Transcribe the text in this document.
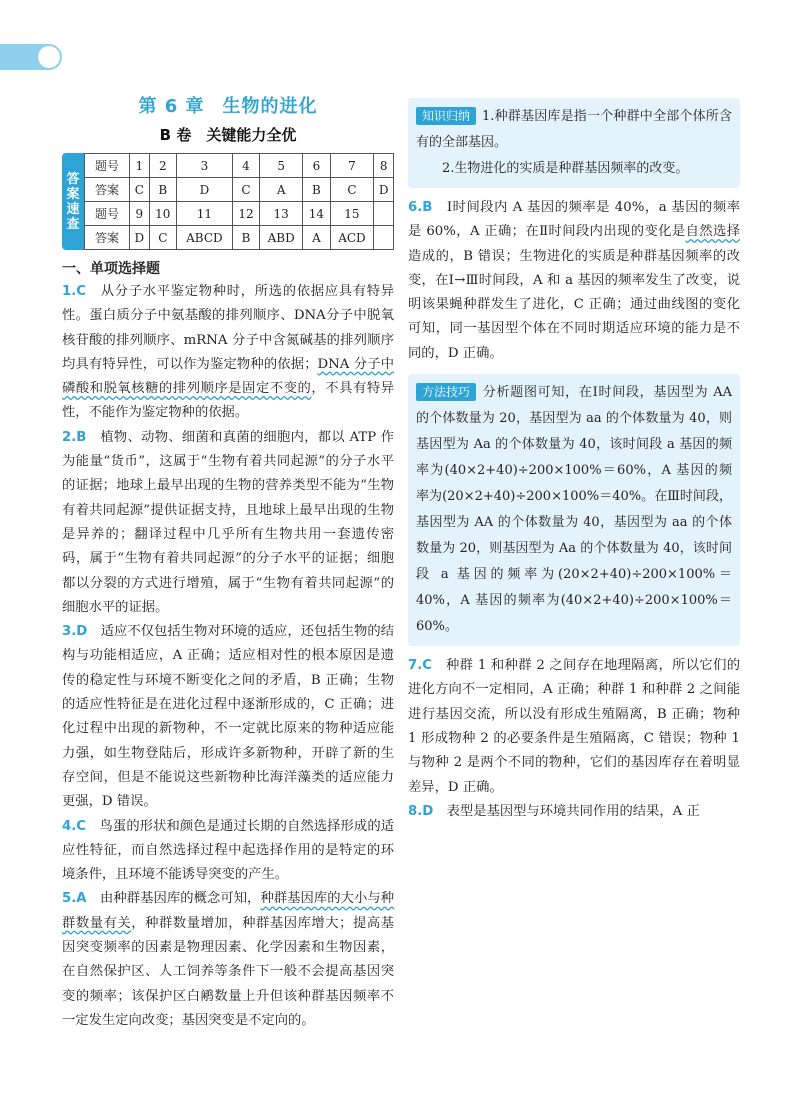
第 6 章 生物的进化
B 卷　关键能力全优
答
案
速
查
题号	1	2	3	4	5	6	7	8
答案	C	B	D	C	A	B	C	D
题号	9	10	11	12	13	14	15	
答案	D	C	ABCD	B	ABD	A	ACD	
一、单项选择题

1.C　 从分子水平鉴定物种时，所选的依据应具有特异性。蛋白质分子中氨基酸的排列顺序、DNA分子中脱氧核苷酸的排列顺序、mRNA 分子中含氮碱基的排列顺序均具有特异性，可以作为鉴定物种的依据；DNA 分子中磷酸和脱氧核糖的排列顺序是固定不变的，不具有特异性，不能作为鉴定物种的依据。

2.B　 植物、动物、细菌和真菌的细胞内，都以 ATP 作为能量“货币”，这属于“生物有着共同起源”的分子水平的证据；地球上最早出现的生物的营养类型不能为“生物有着共同起源”提供证据支持，且地球上最早出现的生物是异养的；翻译过程中几乎所有生物共用一套遗传密码，属于“生物有着共同起源”的分子水平的证据；细胞都以分裂的方式进行增殖，属于“生物有着共同起源”的细胞水平的证据。

3.D　 适应不仅包括生物对环境的适应，还包括生物的结构与功能相适应，A 正确；适应相对性的根本原因是遗传的稳定性与环境不断变化之间的矛盾，B 正确；生物的适应性特征是在进化过程中逐渐形成的，C 正确；进化过程中出现的新物种，不一定就比原来的物种适应能力强，如生物登陆后，形成许多新物种，开辟了新的生存空间，但是不能说这些新物种比海洋藻类的适应能力更强，D 错误。

4.C　 鸟蛋的形状和颜色是通过长期的自然选择形成的适应性特征，而自然选择过程中起选择作用的是特定的环境条件，且环境不能诱导突变的产生。

5.A　 由种群基因库的概念可知，种群基因库的大小与种群数量有关，种群数量增加，种群基因库增大；提高基因突变频率的因素是物理因素、化学因素和生物因素，在自然保护区、人工饲养等条件下一般不会提高基因突变的频率；该保护区白鹇数量上升但该种群基因频率不一定发生定向改变；基因突变是不定向的。

知识归纳 1.种群基因库是指一个种群中全部个体所含有的全部基因。

2.生物进化的实质是种群基因频率的改变。

6.B　 Ⅰ时间段内 A 基因的频率是 40%，a 基因的频率是 60%，A 正确；在Ⅱ时间段内出现的变化是自然选择造成的，B 错误；生物进化的实质是种群基因频率的改变，在Ⅰ→Ⅲ时间段，A 和 a 基因的频率发生了改变，说明该果蝇种群发生了进化，C 正确；通过曲线图的变化可知，同一基因型个体在不同时期适应环境的能力是不同的，D 正确。

方法技巧 分析题图可知，在Ⅰ时间段，基因型为 AA 的个体数量为 20，基因型为 aa 的个体数量为 40，则基因型为 Aa 的个体数量为 40，该时间段 a 基因的频率为(40×2+40)÷200×100%＝60%，A 基因的频率为(20×2+40)÷200×100%＝40%。在Ⅲ时间段，基因型为 AA 的个体数量为 40，基因型为 aa 的个体数量为 20，则基因型为 Aa 的个体数量为 40，该时间段 a 基因的频率为(20×2+40)÷200×100%＝40%，A 基因的频率为(40×2+40)÷200×100%＝60%。

7.C　 种群 1 和种群 2 之间存在地理隔离，所以它们的进化方向不一定相同，A 正确；种群 1 和种群 2 之间能进行基因交流，所以没有形成生殖隔离，B 正确；物种 1 形成物种 2 的必要条件是生殖隔离，C 错误；物种 1 与物种 2 是两个不同的物种，它们的基因库存在着明显差异，D 正确。

8.D　 表型是基因型与环境共同作用的结果，A 正
